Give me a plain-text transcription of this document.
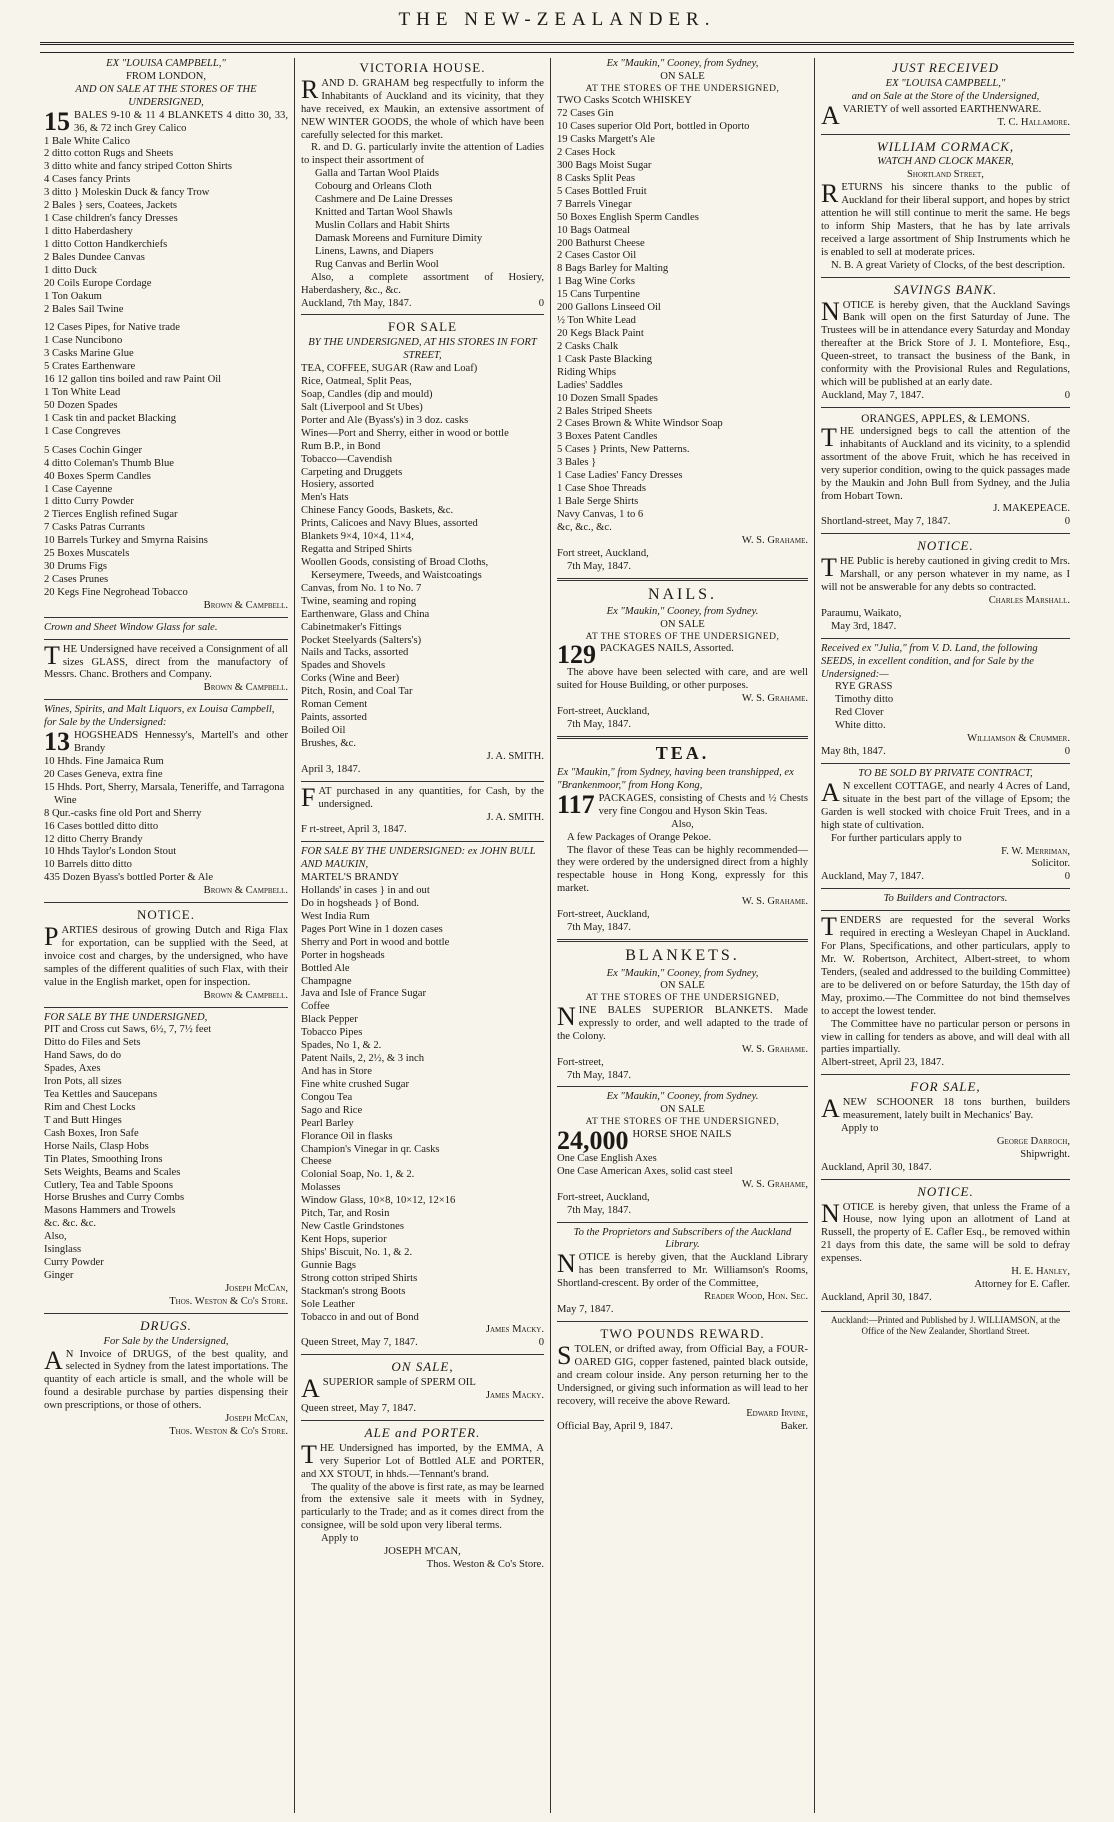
THE NEW-ZEALANDER.
EX "LOUISA CAMPBELL,"
FROM LONDON,
AND ON SALE AT THE STORES OF THE UNDERSIGNED,
15 BALES 9-10 & 11 4 BLANKETS 4 ditto 30, 33, 36, & 72 inch Grey Calico
1 Bale White Calico
2 ditto cotton Rugs and Sheets
3 ditto white and fancy striped Cotton Shirts
4 Cases fancy Prints
3 ditto } Moleskin Duck & fancy Trow
2 Bales } sers, Coatees, Jackets
1 Case children's fancy Dresses
1 ditto Haberdashery
1 ditto Cotton Handkerchiefs
2 Bales Dundee Canvas
1 ditto Duck
20 Coils Europe Cordage
1 Ton Oakum
2 Bales Sail Twine
12 Cases Pipes, for Native trade
1 Case Nuncibono
3 Casks Marine Glue
5 Crates Earthenware
16 12 gallon tins boiled and raw Paint Oil
1 Ton White Lead
50 Dozen Spades
1 Cask tin and packet Blacking
1 Case Congreves
5 Cases Cochin Ginger
4 ditto Coleman's Thumb Blue
40 Boxes Sperm Candles
1 Case Cayenne
1 ditto Curry Powder
2 Tierces English refined Sugar
7 Casks Patras Currants
10 Barrels Turkey and Smyrna Raisins
25 Boxes Muscatels
30 Drums Figs
2 Cases Prunes
20 Kegs Fine Negrohead Tobacco
Brown & Campbell.
Crown and Sheet Window Glass for sale.

THE Undersigned have received a Consignment of all sizes GLASS, direct from the manufactory of Messrs. Chanc. Brothers and Company.

Brown & Campbell.
Wines, Spirits, and Malt Liquors, ex Louisa Campbell, for Sale by the Undersigned:
13 HOGSHEADS Hennessy's, Martell's and other Brandy
10 Hhds. Fine Jamaica Rum
20 Cases Geneva, extra fine
15 Hhds. Port, Sherry, Marsala, Teneriffe, and Tarragona Wine
8 Qur.-casks fine old Port and Sherry
16 Cases bottled ditto ditto
12 ditto Cherry Brandy
10 Hhds Taylor's London Stout
10 Barrels ditto ditto
435 Dozen Byass's bottled Porter & Ale
Brown & Campbell.
NOTICE.

PARTIES desirous of growing Dutch and Riga Flax for exportation, can be supplied with the Seed, at invoice cost and charges, by the undersigned, who have samples of the different qualities of such Flax, with their value in the English market, open for inspection.

Brown & Campbell.
FOR SALE BY THE UNDERSIGNED,
PIT and Cross cut Saws, 6½, 7, 7½ feet
Ditto do Files and Sets
Hand Saws, do do
Spades, Axes
Iron Pots, all sizes
Tea Kettles and Saucepans
Rim and Chest Locks
T and Butt Hinges
Cash Boxes, Iron Safe
Horse Nails, Clasp Hobs
Tin Plates, Smoothing Irons
Sets Weights, Beams and Scales
Cutlery, Tea and Table Spoons
Horse Brushes and Curry Combs
Masons Hammers and Trowels
&c. &c. &c.
Also,
Isinglass
Curry Powder
Ginger
Joseph McCan,
Thos. Weston & Co's Store.
DRUGS.
For Sale by the Undersigned,

A N Invoice of DRUGS, of the best quality, and selected in Sydney from the latest importations. The quantity of each article is small, and the whole will be found a desirable purchase by parties dispensing their own prescriptions, or those of others.

Joseph McCan,
Thos. Weston & Co's Store.
VICTORIA HOUSE.

RAND D. GRAHAM beg respectfully to inform the Inhabitants of Auckland and its vicinity, that they have received, ex Maukin, an extensive assortment of NEW WINTER GOODS, the whole of which have been carefully selected for this market.

R. and D. G. particularly invite the attention of Ladies to inspect their assortment of

Galla and Tartan Wool Plaids
Cobourg and Orleans Cloth
Cashmere and De Laine Dresses
Knitted and Tartan Wool Shawls
Muslin Collars and Habit Shirts
Damask Moreens and Furniture Dimity
Linens, Lawns, and Diapers
Rug Canvas and Berlin Wool

Also, a complete assortment of Hosiery, Haberdashery, &c., &c.

Auckland, 7th May, 1847.	0
FOR SALE
BY THE UNDERSIGNED, AT HIS STORES IN FORT STREET,
TEA, COFFEE, SUGAR (Raw and Loaf)
Rice, Oatmeal, Split Peas,
Soap, Candles (dip and mould)
Salt (Liverpool and St Ubes)
Porter and Ale (Byass's) in 3 doz. casks
Wines—Port and Sherry, either in wood or bottle
Rum B.P., in Bond
Tobacco—Cavendish
Carpeting and Druggets
Hosiery, assorted
Men's Hats
Chinese Fancy Goods, Baskets, &c.
Prints, Calicoes and Navy Blues, assorted
Blankets 9×4, 10×4, 11×4,
Regatta and Striped Shirts
Woollen Goods, consisting of Broad Cloths, Kerseymere, Tweeds, and Waistcoatings
Canvas, from No. 1 to No. 7
Twine, seaming and roping
Earthenware, Glass and China
Cabinetmaker's Fittings
Pocket Steelyards (Salters's)
Nails and Tacks, assorted
Spades and Shovels
Corks (Wine and Beer)
Pitch, Rosin, and Coal Tar
Roman Cement
Paints, assorted
Boiled Oil
Brushes, &c.
J. A. SMITH.
April 3, 1847.

FAT purchased in any quantities, for Cash, by the undersigned.

J. A. SMITH.
F rt-street, April 3, 1847.
FOR SALE BY THE UNDERSIGNED: ex JOHN BULL AND MAUKIN,
MARTEL'S BRANDY
Hollands' in cases } in and out
Do in hogsheads } of Bond.
West India Rum
Pages Port Wine in 1 dozen cases
Sherry and Port in wood and bottle
Porter in hogsheads
Bottled Ale
Champagne
Java and Isle of France Sugar
Coffee
Black Pepper
Tobacco Pipes
Spades, No 1, & 2.
Patent Nails, 2, 2½, & 3 inch
And has in Store
Fine white crushed Sugar
Congou Tea
Sago and Rice
Pearl Barley
Florance Oil in flasks
Champion's Vinegar in qr. Casks
Cheese
Colonial Soap, No. 1, & 2.
Molasses
Window Glass, 10×8, 10×12, 12×16
Pitch, Tar, and Rosin
New Castle Grindstones
Kent Hops, superior
Ships' Biscuit, No. 1, & 2.
Gunnie Bags
Strong cotton striped Shirts
Stackman's strong Boots
Sole Leather
Tobacco in and out of Bond
James Macky.
Queen Street, May 7, 1847.	0
ON SALE,

ASUPERIOR sample of SPERM OIL

James Macky.
Queen street, May 7, 1847.
ALE and PORTER.

THE Undersigned has imported, by the EMMA, A very Superior Lot of Bottled ALE and PORTER, and XX STOUT, in hhds.—Tennant's brand.

The quality of the above is first rate, as may be learned from the extensive sale it meets with in Sydney, particularly to the Trade; and as it comes direct from the consignee, will be sold upon very liberal terms.

Apply to
JOSEPH M'CAN,
Thos. Weston & Co's Store.
Ex "Maukin," Cooney, from Sydney,
ON SALE
AT THE STORES OF THE UNDERSIGNED,
TWO Casks Scotch WHISKEY
72 Cases Gin
10 Cases superior Old Port, bottled in Oporto
19 Casks Margett's Ale
2 Cases Hock
300 Bags Moist Sugar
8 Casks Split Peas
5 Cases Bottled Fruit
7 Barrels Vinegar
50 Boxes English Sperm Candles
10 Bags Oatmeal
200 Bathurst Cheese
2 Cases Castor Oil
8 Bags Barley for Malting
1 Bag Wine Corks
15 Cans Turpentine
200 Gallons Linseed Oil
½ Ton White Lead
20 Kegs Black Paint
2 Casks Chalk
1 Cask Paste Blacking
Riding Whips
Ladies' Saddles
10 Dozen Small Spades
2 Bales Striped Sheets
2 Cases Brown & White Windsor Soap
3 Boxes Patent Candles
5 Cases } Prints, New Patterns.
3 Bales }
1 Case Ladies' Fancy Dresses
1 Case Shoe Threads
1 Bale Serge Shirts
Navy Canvas, 1 to 6
&c, &c., &c.
W. S. Grahame.
Fort street, Auckland,
7th May, 1847.
NAILS.
Ex "Maukin," Cooney, from Sydney.
ON SALE
AT THE STORES OF THE UNDERSIGNED,
129 PACKAGES NAILS, Assorted.

The above have been selected with care, and are well suited for House Building, or other purposes.

W. S. Grahame.
Fort-street, Auckland,
7th May, 1847.
TEA.
Ex "Maukin," from Sydney, having been transhipped, ex "Brankenmoor," from Hong Kong,
117 PACKAGES, consisting of Chests and ½ Chests very fine Congou and Hyson Skin Teas.
Also,

A few Packages of Orange Pekoe.

The flavor of these Teas can be highly recommended—they were ordered by the undersigned direct from a highly respectable house in Hong Kong, expressly for this market.

W. S. Grahame.
Fort-street, Auckland,
7th May, 1847.
BLANKETS.
Ex "Maukin," Cooney, from Sydney,
ON SALE
AT THE STORES OF THE UNDERSIGNED,

NINE BALES SUPERIOR BLANKETS. Made expressly to order, and well adapted to the trade of the Colony.

W. S. Grahame.
Fort-street,
7th May, 1847.
Ex "Maukin," Cooney, from Sydney.
ON SALE
AT THE STORES OF THE UNDERSIGNED,
24,000 HORSE SHOE NAILS
One Case English Axes
One Case American Axes, solid cast steel
W. S. Grahame,
Fort-street, Auckland,
7th May, 1847.
To the Proprietors and Subscribers of the Auckland Library.

NOTICE is hereby given, that the Auckland Library has been transferred to Mr. Williamson's Rooms, Shortland-crescent. By order of the Committee,

Reader Wood, Hon. Sec.
May 7, 1847.
TWO POUNDS REWARD.

STOLEN, or drifted away, from Official Bay, a FOUR-OARED GIG, copper fastened, painted black outside, and cream colour inside. Any person returning her to the Undersigned, or giving such information as will lead to her recovery, will receive the above Reward.

Edward Irvine,
Official Bay, April 9, 1847.	Baker.
JUST RECEIVED
EX "LOUISA CAMPBELL,"
and on Sale at the Store of the Undersigned,

AVARIETY of well assorted EARTHENWARE.

T. C. Hallamore.
WILLIAM CORMACK,
WATCH AND CLOCK MAKER,
Shortland Street,

RETURNS his sincere thanks to the public of Auckland for their liberal support, and hopes by strict attention he will still continue to merit the same. He begs to inform Ship Masters, that he has by late arrivals received a large assortment of Ship Instruments which he is enabled to sell at moderate prices.

N. B. A great Variety of Clocks, of the best description.

SAVINGS BANK.

NOTICE is hereby given, that the Auckland Savings Bank will open on the first Saturday of June. The Trustees will be in attendance every Saturday and Monday thereafter at the Brick Store of J. I. Montefiore, Esq., Queen-street, to transact the business of the Bank, in conformity with the Provisional Rules and Regulations, which will be published at an early date.

Auckland, May 7, 1847.	0
ORANGES, APPLES, & LEMONS.

THE undersigned begs to call the attention of the inhabitants of Auckland and its vicinity, to a splendid assortment of the above Fruit, which he has received in very superior condition, owing to the quick passages made by the Maukin and John Bull from Sydney, and the Julia from Hobart Town.

J. MAKEPEACE.
Shortland-street, May 7, 1847.	0
NOTICE.

THE Public is hereby cautioned in giving credit to Mrs. Marshall, or any person whatever in my name, as I will not be answerable for any debts so contracted.

Charles Marshall.
Paraumu, Waikato,
May 3rd, 1847.
Received ex "Julia," from V. D. Land, the following SEEDS, in excellent condition, and for Sale by the Undersigned:—
RYE GRASS
Timothy ditto
Red Clover
White ditto.
Williamson & Crummer.
May 8th, 1847.	0
TO BE SOLD BY PRIVATE CONTRACT,

A N excellent COTTAGE, and nearly 4 Acres of Land, situate in the best part of the village of Epsom; the Garden is well stocked with choice Fruit Trees, and in a high state of cultivation.

For further particulars apply to

F. W. Merriman,
Solicitor.
Auckland, May 7, 1847.	0
To Builders and Contractors.

TENDERS are requested for the several Works required in erecting a Wesleyan Chapel in Auckland. For Plans, Specifications, and other particulars, apply to Mr. W. Robertson, Architect, Albert-street, to whom Tenders, (sealed and addressed to the building Committee) are to be delivered on or before Saturday, the 15th day of May, proximo.—The Committee do not bind themselves to accept the lowest tender.

The Committee have no particular person or persons in view in calling for tenders as above, and will deal with all parties impartially.

Albert-street, April 23, 1847.
FOR SALE,

ANEW SCHOONER 18 tons burthen, builders measurement, lately built in Mechanics' Bay.

Apply to
George Darroch,
Shipwright.
Auckland, April 30, 1847.
NOTICE.

NOTICE is hereby given, that unless the Frame of a House, now lying upon an allotment of Land at Russell, the property of E. Cafler Esq., be removed within 21 days from this date, the same will be sold to defray expenses.

H. E. Hanley,
Attorney for E. Cafler.
Auckland, April 30, 1847.
Auckland:—Printed and Published by J. WILLIAMSON, at the Office of the New Zealander, Shortland Street.
